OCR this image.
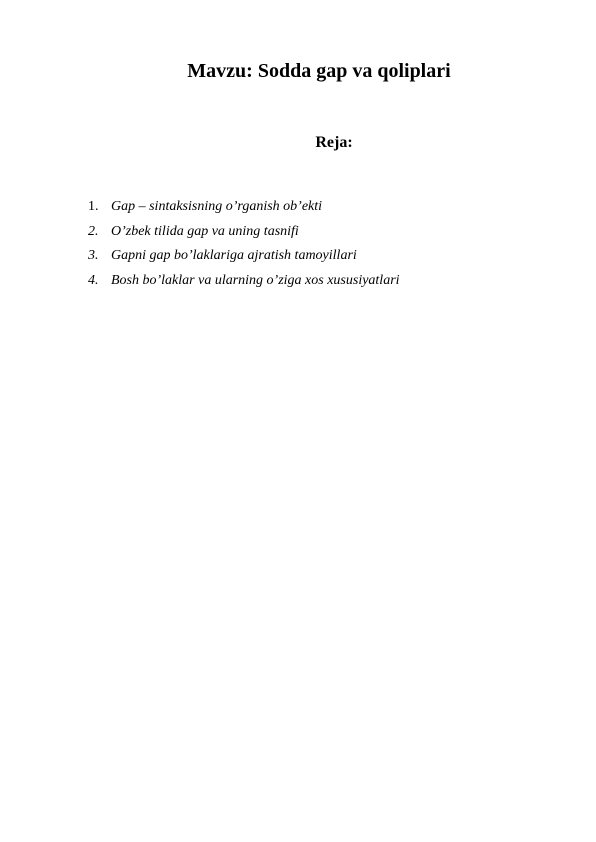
Mavzu: Sodda gap va qoliplari
Reja:
1. Gap – sintaksisning o’rganish ob’ekti
2. O’zbek tilida gap va uning tasnifi
3. Gapni gap bo’laklariga ajratish tamoyillari
4. Bosh bo’laklar va ularning o’ziga xos xususiyatlari
